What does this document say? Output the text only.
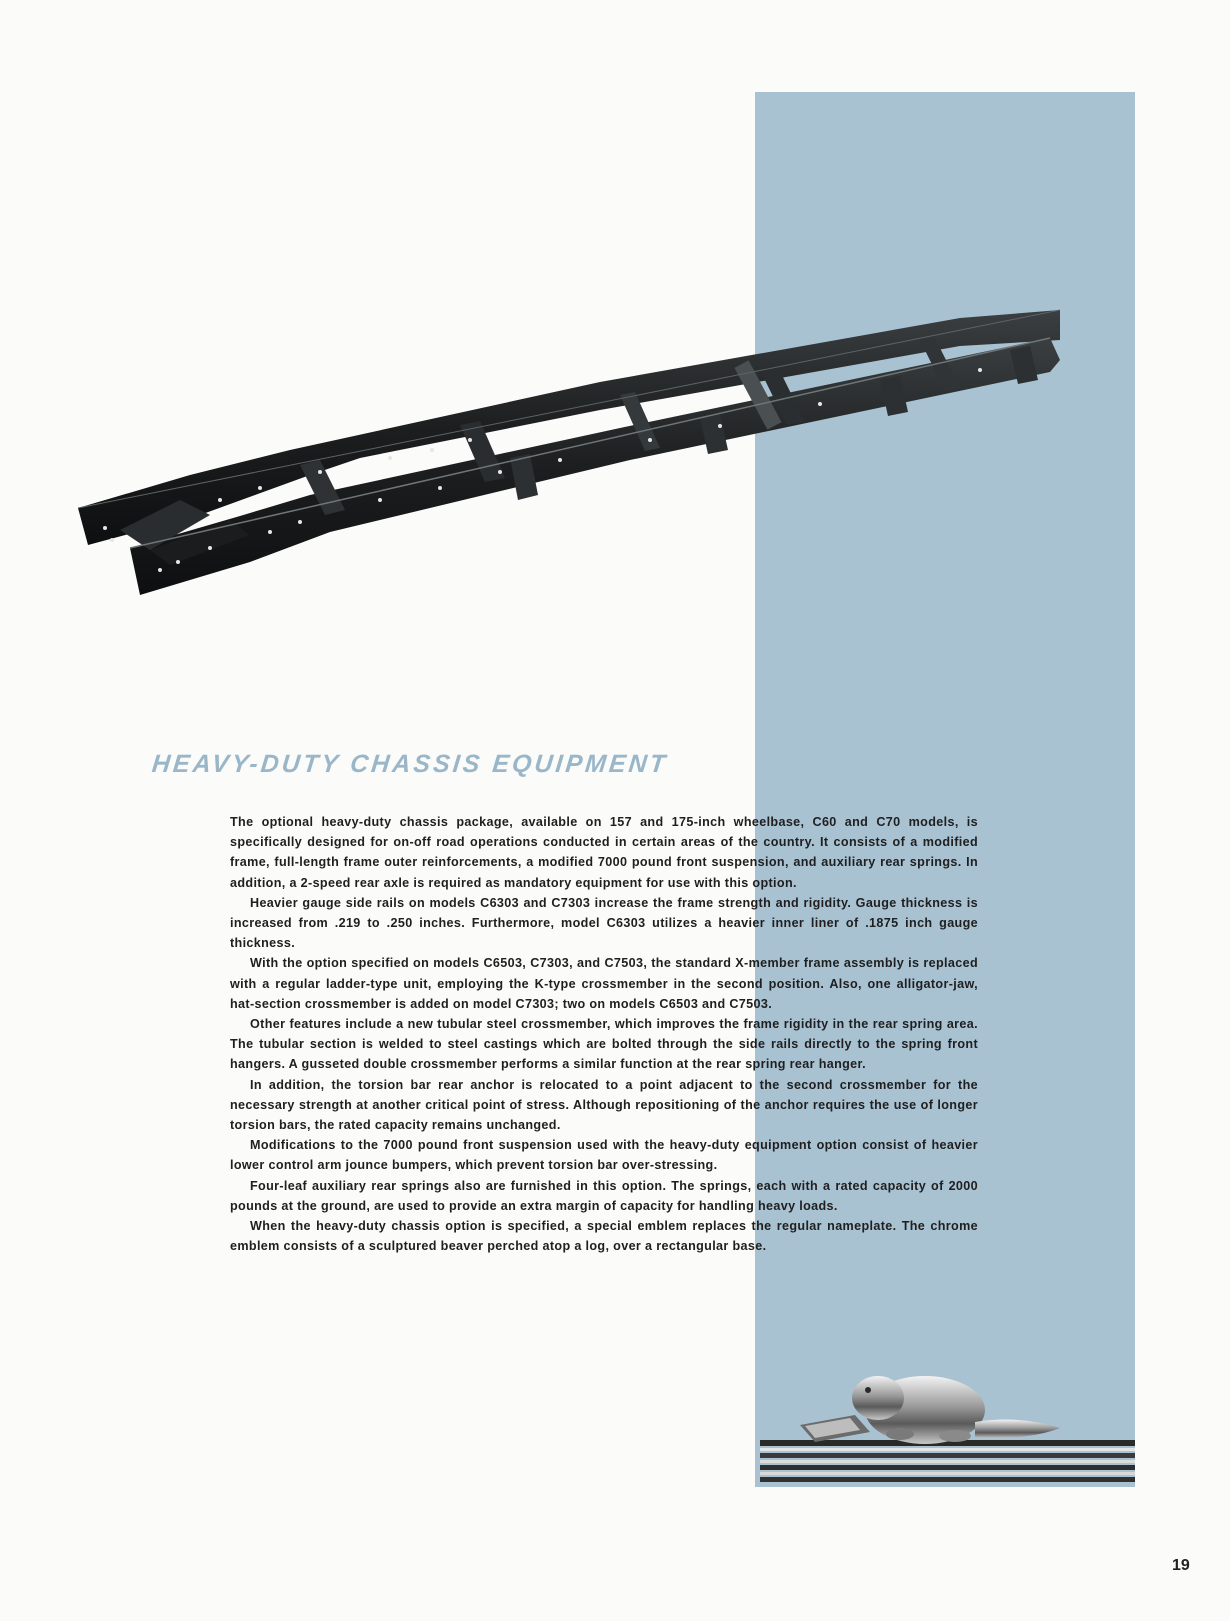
HEAVY-DUTY CHASSIS EQUIPMENT

The optional heavy-duty chassis package, available on 157 and 175-inch wheelbase, C60 and C70 models, is specifically designed for on-off road operations conducted in certain areas of the country. It consists of a modified frame, full-length frame outer reinforcements, a modified 7000 pound front suspension, and auxiliary rear springs. In addition, a 2-speed rear axle is required as mandatory equipment for use with this option.

Heavier gauge side rails on models C6303 and C7303 increase the frame strength and rigidity. Gauge thickness is increased from .219 to .250 inches. Furthermore, model C6303 utilizes a heavier inner liner of .1875 inch gauge thickness.

With the option specified on models C6503, C7303, and C7503, the standard X-member frame assembly is replaced with a regular ladder-type unit, employing the K-type crossmember in the second position. Also, one alligator-jaw, hat-section crossmember is added on model C7303; two on models C6503 and C7503.

Other features include a new tubular steel crossmember, which improves the frame rigidity in the rear spring area. The tubular section is welded to steel castings which are bolted through the side rails directly to the spring front hangers. A gusseted double crossmember performs a similar function at the rear spring rear hanger.

In addition, the torsion bar rear anchor is relocated to a point adjacent to the second crossmember for the necessary strength at another critical point of stress. Although repositioning of the anchor requires the use of longer torsion bars, the rated capacity remains unchanged.

Modifications to the 7000 pound front suspension used with the heavy-duty equipment option consist of heavier lower control arm jounce bumpers, which prevent torsion bar over-stressing.

Four-leaf auxiliary rear springs also are furnished in this option. The springs, each with a rated capacity of 2000 pounds at the ground, are used to provide an extra margin of capacity for handling heavy loads.

When the heavy-duty chassis option is specified, a special emblem replaces the regular nameplate. The chrome emblem consists of a sculptured beaver perched atop a log, over a rectangular base.

19
